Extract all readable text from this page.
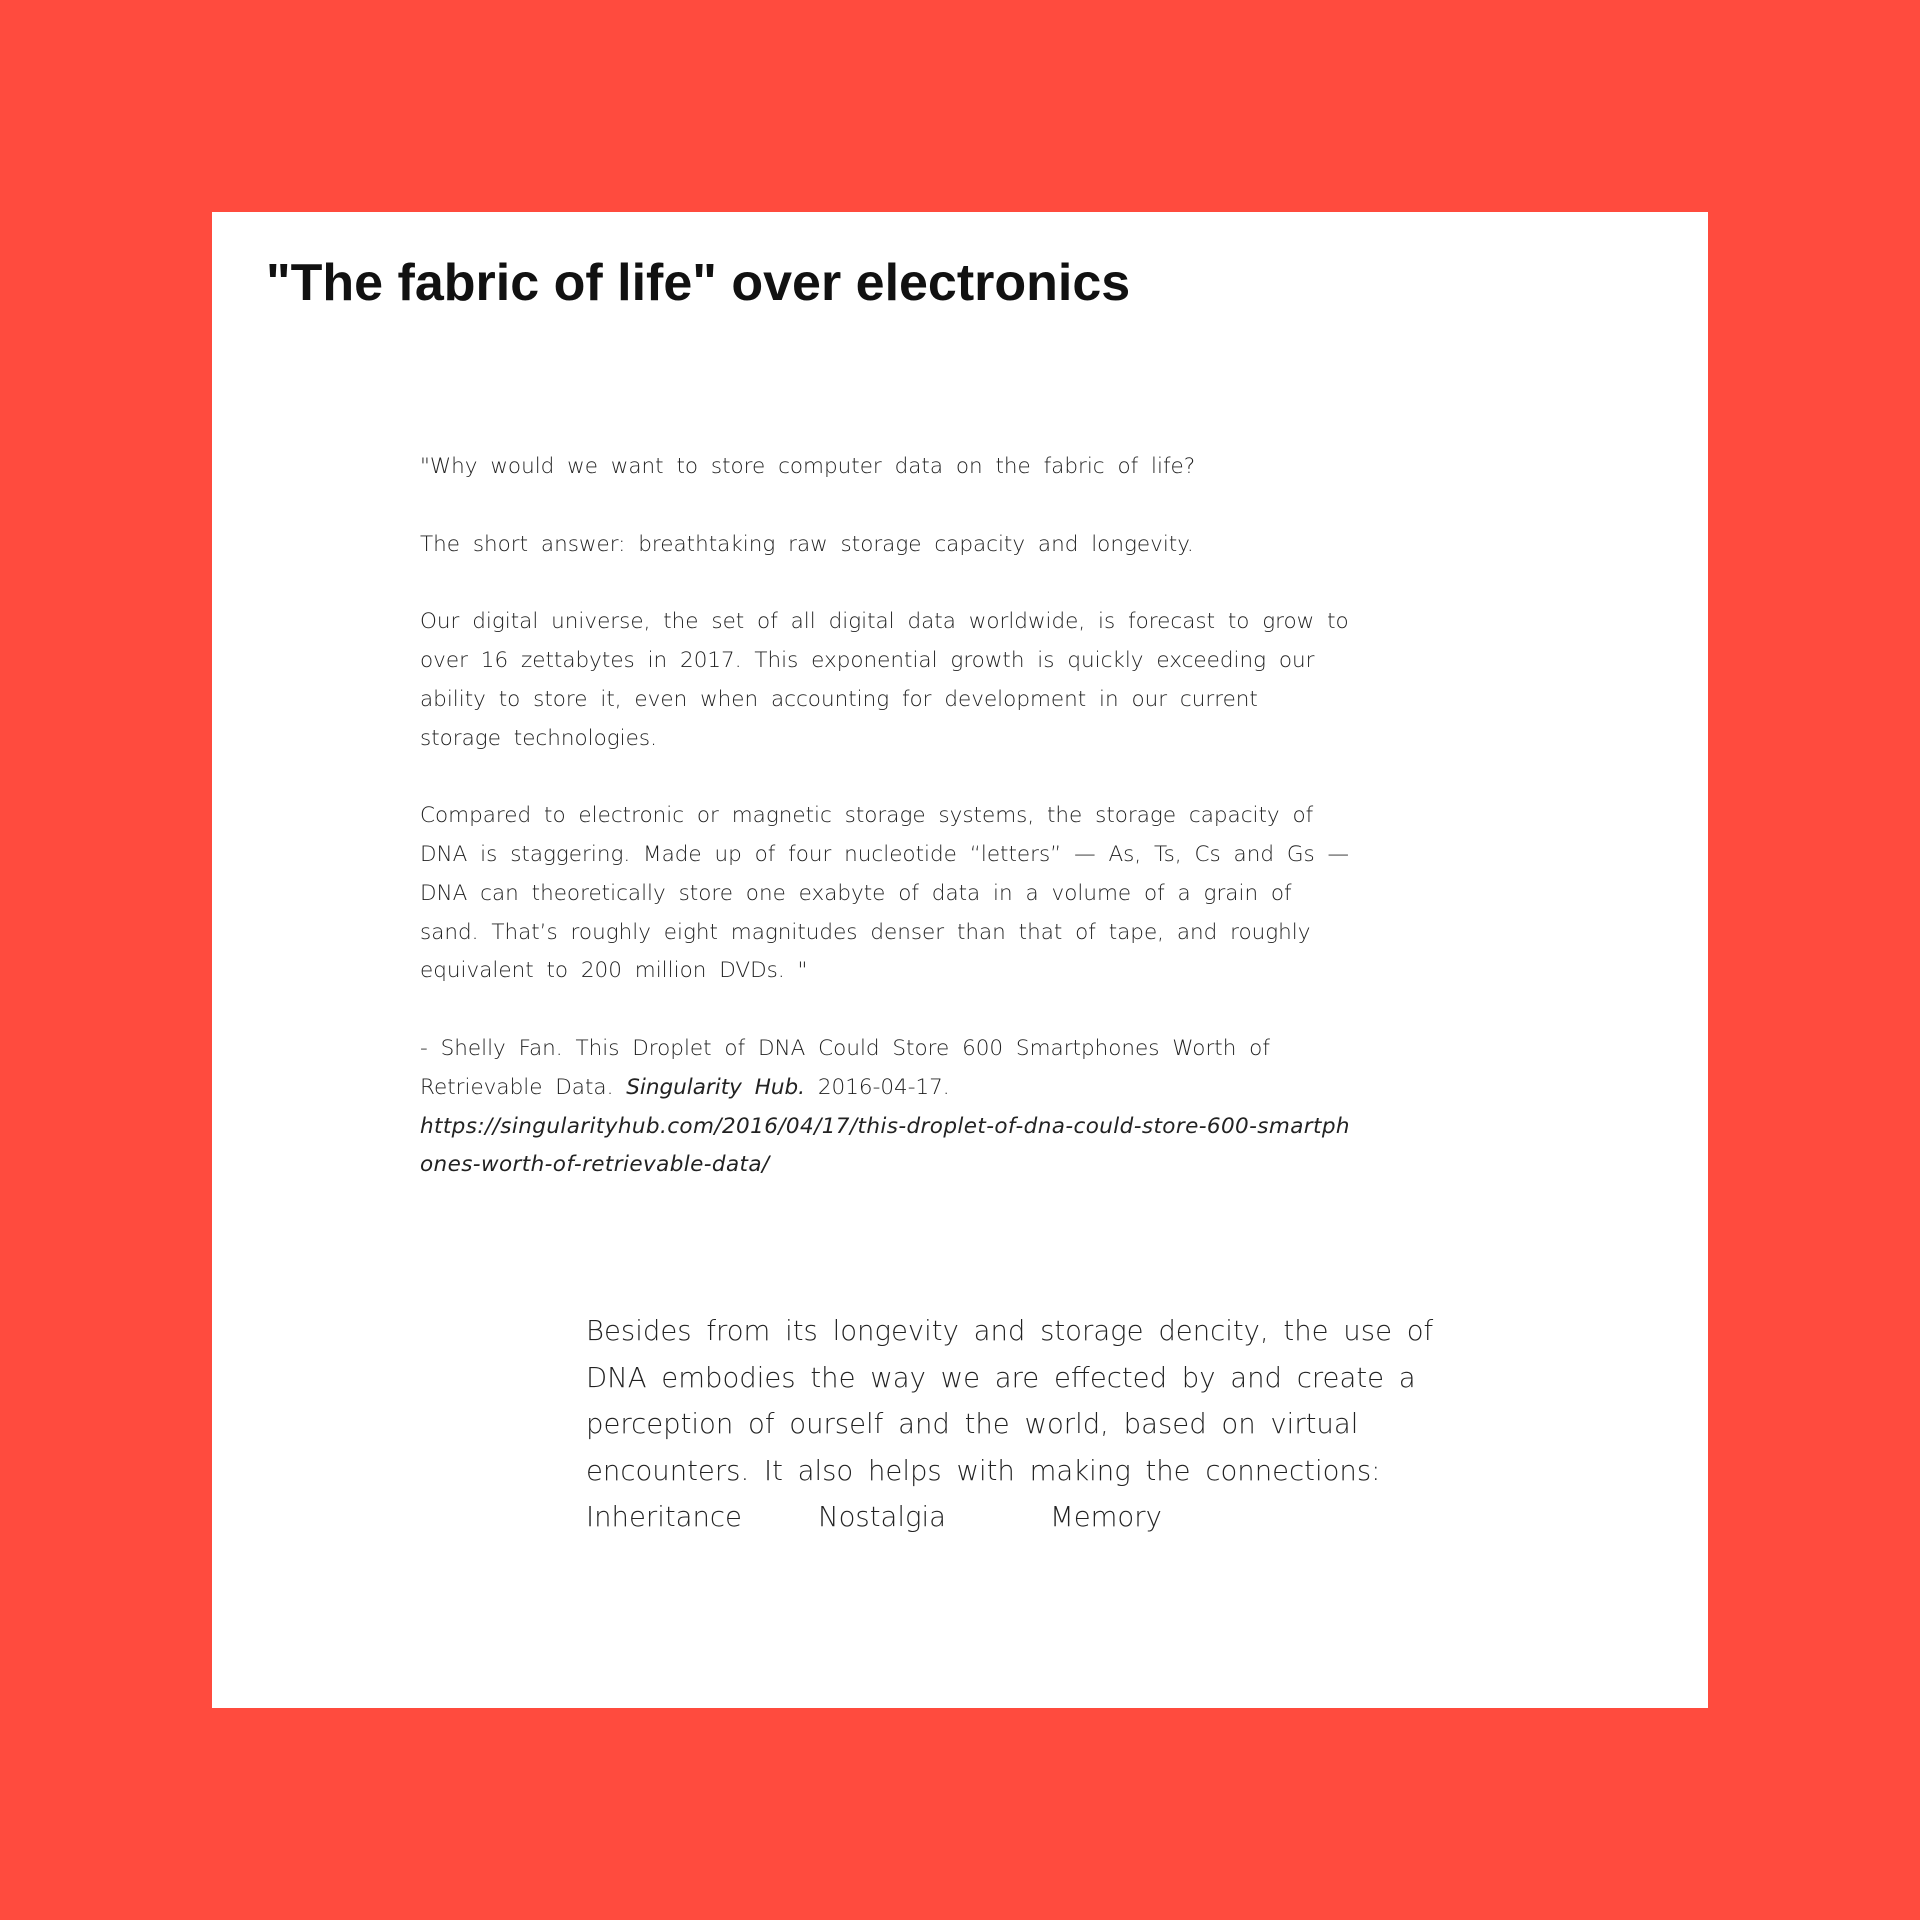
"The fabric of life" over electronics

"Why would we want to store computer data on the fabric of life?

The short answer: breathtaking raw storage capacity and longevity.

Our digital universe, the set of all digital data worldwide, is forecast to grow to over 16 zettabytes in 2017. This exponential growth is quickly exceeding our ability to store it, even when accounting for development in our current storage technologies.

Compared to electronic or magnetic storage systems, the storage capacity of DNA is staggering. Made up of four nucleotide “letters” — As, Ts, Cs and Gs — DNA can theoretically store one exabyte of data in a volume of a grain of sand. That’s roughly eight magnitudes denser than that of tape, and roughly equivalent to 200 million DVDs. "

- Shelly Fan. This Droplet of DNA Could Store 600 Smartphones Worth of Retrievable Data. Singularity Hub. 2016-04-17.
https://singularityhub.com/2016/04/17/this-droplet-of-dna-could-store-600-smartphones-worth-of-retrievable-data/

Besides from its longevity and storage dencity, the use of DNA embodies the way we are effected by and create a perception of ourself and the world, based on virtual encounters. It also helps with making the connections:

Inheritance	Nostalgia	Memory
